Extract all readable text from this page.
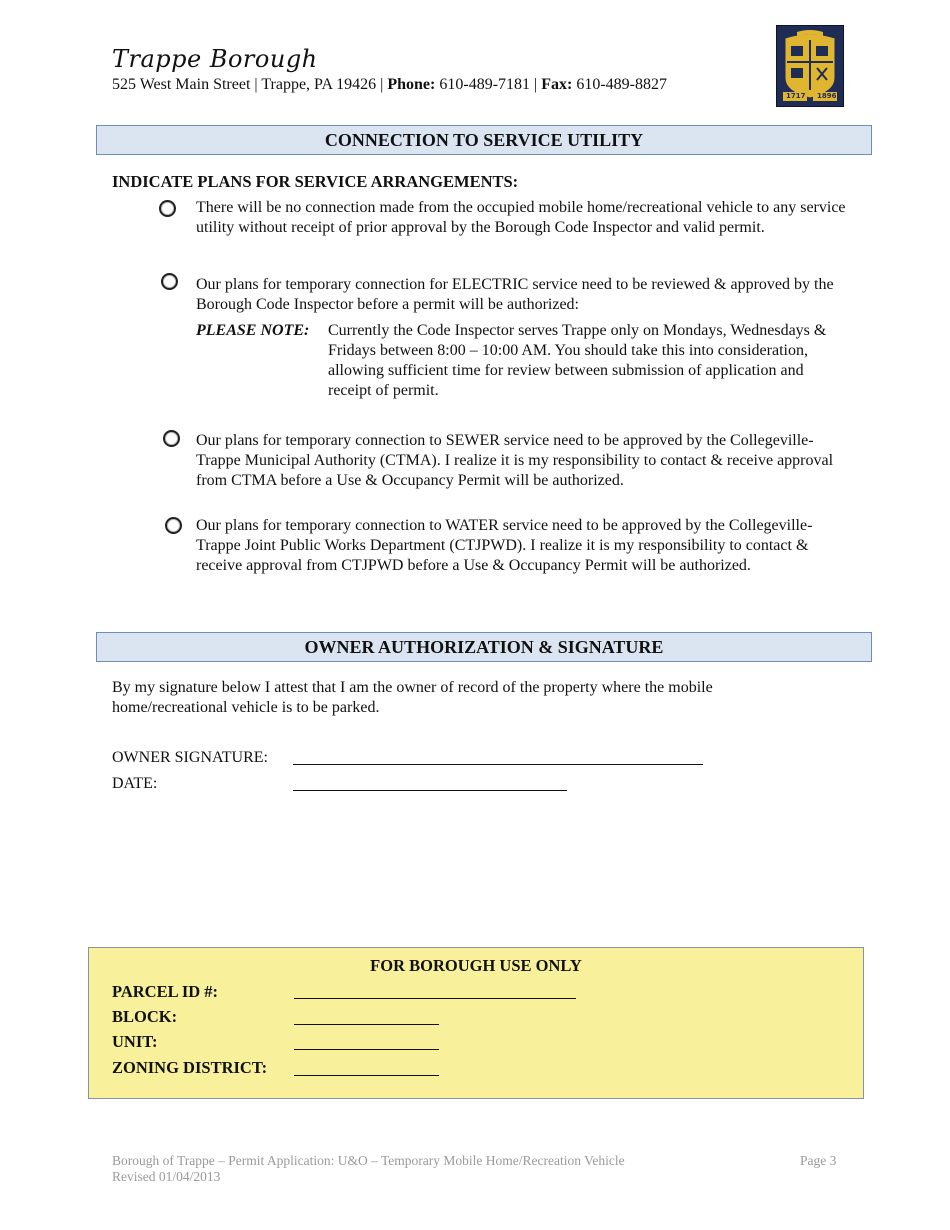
Trappe Borough
525 West Main Street | Trappe, PA 19426 | Phone: 610-489-7181 | Fax: 610-489-8827
1717 1896
CONNECTION TO SERVICE UTILITY
INDICATE PLANS FOR SERVICE ARRANGEMENTS:
There will be no connection made from the occupied mobile home/recreational vehicle to any service utility without receipt of prior approval by the Borough Code Inspector and valid permit.
Our plans for temporary connection for ELECTRIC service need to be reviewed & approved by the Borough Code Inspector before a permit will be authorized:
PLEASE NOTE:	Currently the Code Inspector serves Trappe only on Mondays, Wednesdays & Fridays between 8:00 – 10:00 AM. You should take this into consideration, allowing sufficient time for review between submission of application and receipt of permit.
Our plans for temporary connection to SEWER service need to be approved by the Collegeville-Trappe Municipal Authority (CTMA). I realize it is my responsibility to contact & receive approval from CTMA before a Use & Occupancy Permit will be authorized.
Our plans for temporary connection to WATER service need to be approved by the Collegeville-Trappe Joint Public Works Department (CTJPWD). I realize it is my responsibility to contact & receive approval from CTJPWD before a Use & Occupancy Permit will be authorized.
OWNER AUTHORIZATION & SIGNATURE
By my signature below I attest that I am the owner of record of the property where the mobile home/recreational vehicle is to be parked.
OWNER SIGNATURE:
DATE:
FOR BOROUGH USE ONLY
PARCEL ID #:
BLOCK:
UNIT:
ZONING DISTRICT:
Borough of Trappe – Permit Application: U&O – Temporary Mobile Home/Recreation Vehicle
Revised 01/04/2013
Page 3
